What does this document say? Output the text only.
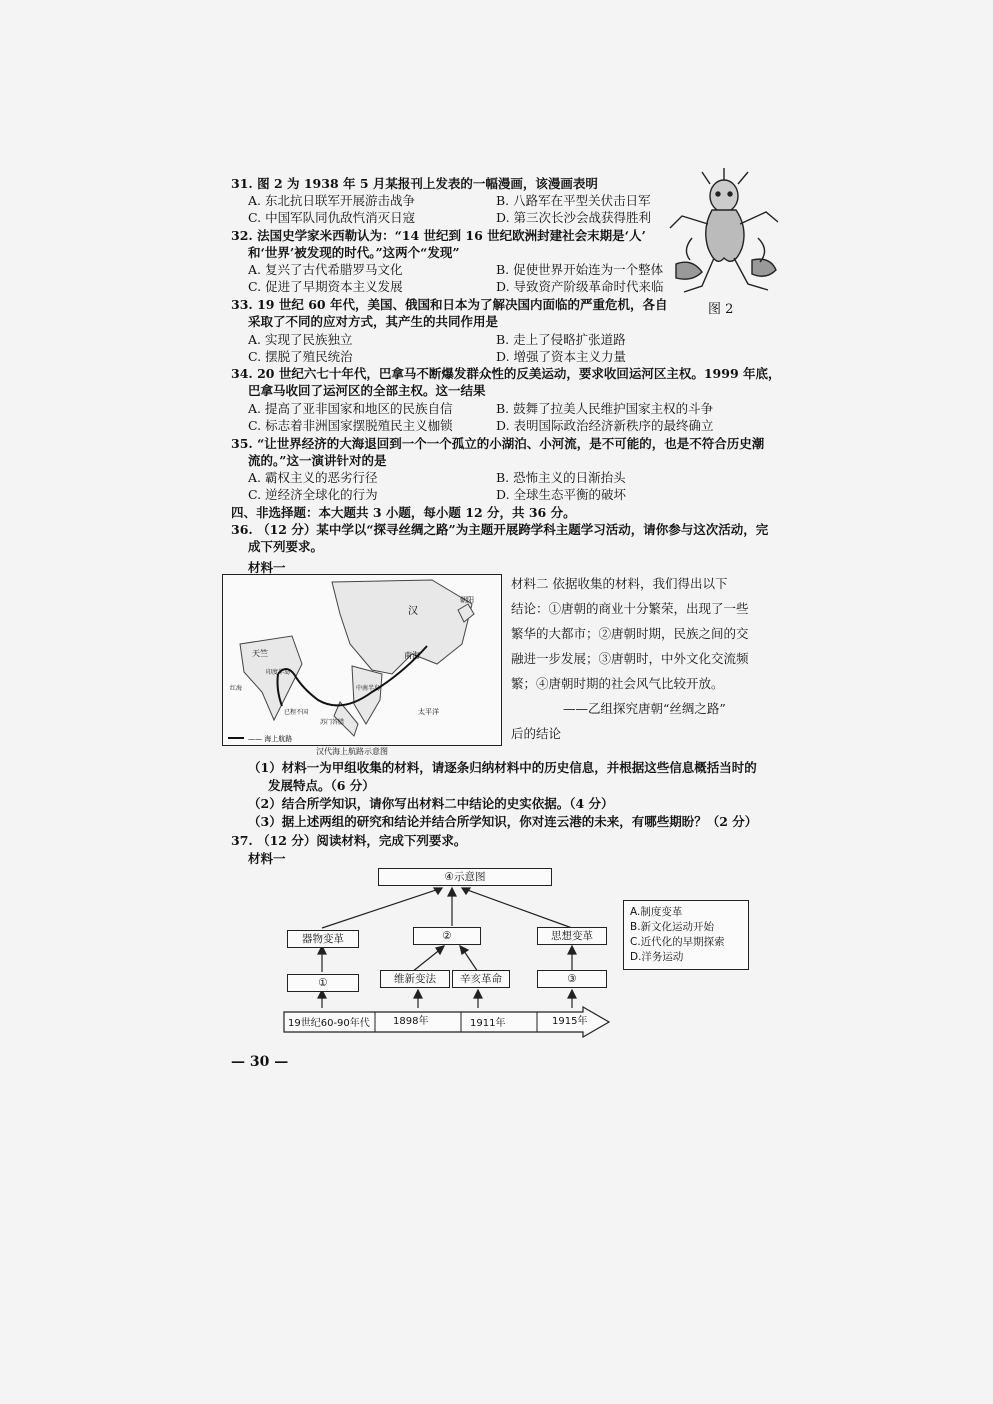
31. 图 2 为 1938 年 5 月某报刊上发表的一幅漫画，该漫画表明
A. 东北抗日联军开展游击战争	B. 八路军在平型关伏击日军
C. 中国军队同仇敌忾消灭日寇	D. 第三次长沙会战获得胜利
32. 法国史学家米西勒认为：“14 世纪到 16 世纪欧洲封建社会末期是‘人’
和‘世界’被发现的时代。”这两个“发现”
A. 复兴了古代希腊罗马文化	B. 促使世界开始连为一个整体
C. 促进了早期资本主义发展	D. 导致资产阶级革命时代来临
图 2
33. 19 世纪 60 年代，美国、俄国和日本为了解决国内面临的严重危机，各自
采取了不同的应对方式，其产生的共同作用是
A. 实现了民族独立	B. 走上了侵略扩张道路
C. 摆脱了殖民统治	D. 增强了资本主义力量
34. 20 世纪六七十年代，巴拿马不断爆发群众性的反美运动，要求收回运河区主权。1999 年底，
巴拿马收回了运河区的全部主权。这一结果
A. 提高了亚非国家和地区的民族自信	B. 鼓舞了拉美人民维护国家主权的斗争
C. 标志着非洲国家摆脱殖民主义枷锁	D. 表明国际政治经济新秩序的最终确立
35. “让世界经济的大海退回到一个一个孤立的小湖泊、小河流，是不可能的，也是不符合历史潮
流的。”这一演讲针对的是
A. 霸权主义的恶劣行径	B. 恐怖主义的日渐抬头
C. 逆经济全球化的行为	D. 全球生态平衡的破坏
四、非选择题：本大题共 3 小题，每小题 12 分，共 36 分。
36. （12 分）某中学以“探寻丝绸之路”为主题开展跨学科主题学习活动，请你参与这次活动，完
成下列要求。
材料一
—— 海上航路
汉
南海
朝阳
天竺
印度半岛
中南半岛
红海
太平洋
苏门答腊
已程不国
汉代海上航路示意图
材料二 依据收集的材料，我们得出以下
结论：①唐朝的商业十分繁荣，出现了一些
繁华的大都市；②唐朝时期，民族之间的交
融进一步发展；③唐朝时，中外文化交流频
繁；④唐朝时期的社会风气比较开放。
——乙组探究唐朝“丝绸之路”
后的结论
（1）材料一为甲组收集的材料，请逐条归纳材料中的历史信息，并根据这些信息概括当时的
发展特点。（6 分）
（2）结合所学知识，请你写出材料二中结论的史实依据。（4 分）
（3）据上述两组的研究和结论并结合所学知识，你对连云港的未来，有哪些期盼？（2 分）
37. （12 分）阅读材料，完成下列要求。
材料一
④示意图
器物变革	②	思想变革
①	维新变法	辛亥革命	③
A.制度变革
B.新文化运动开始
C.近代化的早期探索
D.洋务运动
19世纪60-90年代 1898年	1911年	1915年
— 30 —
